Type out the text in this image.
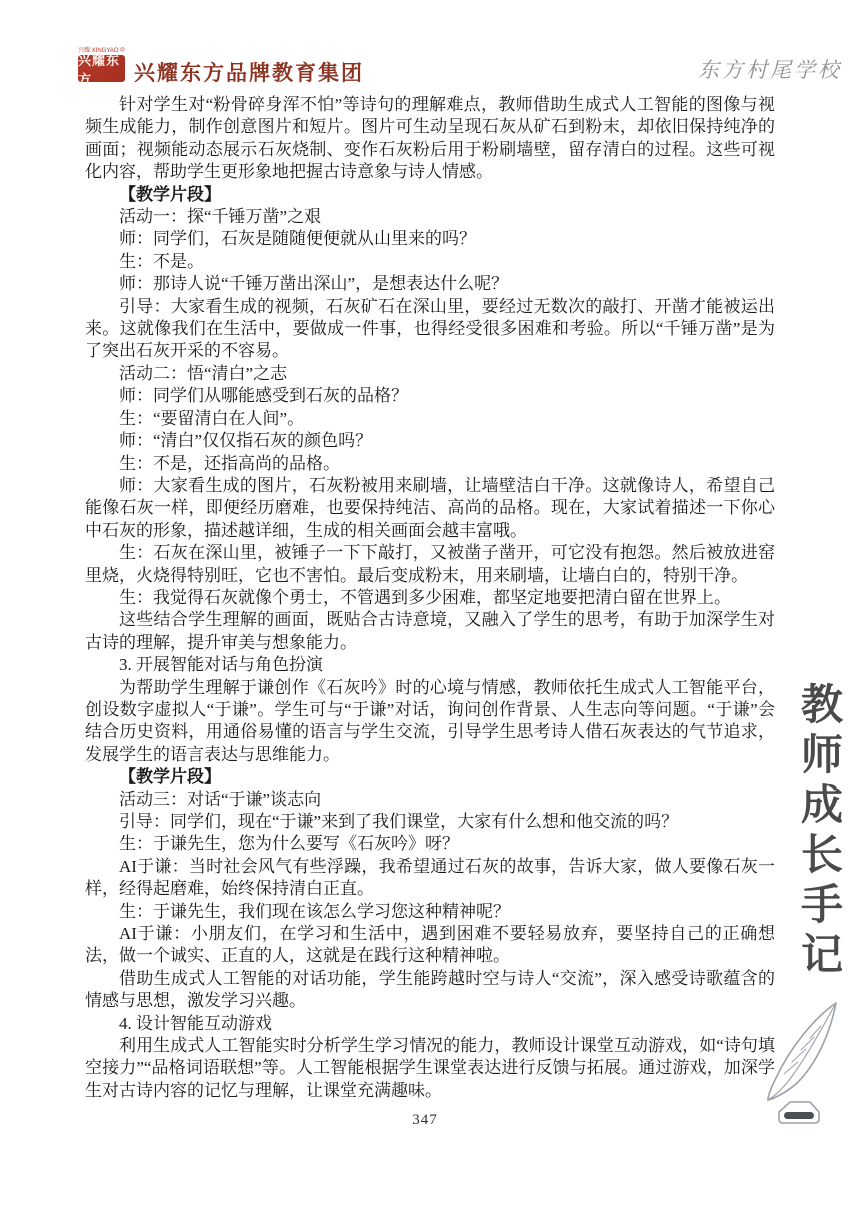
兴耀 XINGYAO ®
兴耀东方	兴耀东方品牌教育集团	东方村尾学校

针对学生对“粉骨碎身浑不怕”等诗句的理解难点，教师借助生成式人工智能的图像与视频生成能力，制作创意图片和短片。图片可生动呈现石灰从矿石到粉末，却依旧保持纯净的画面；视频能动态展示石灰烧制、变作石灰粉后用于粉刷墙壁，留存清白的过程。这些可视化内容，帮助学生更形象地把握古诗意象与诗人情感。

【教学片段】

活动一：探“千锤万凿”之艰

师：同学们，石灰是随随便便就从山里来的吗？

生：不是。

师：那诗人说“千锤万凿出深山”，是想表达什么呢？

引导：大家看生成的视频，石灰矿石在深山里，要经过无数次的敲打、开凿才能被运出来。这就像我们在生活中，要做成一件事，也得经受很多困难和考验。所以“千锤万凿”是为了突出石灰开采的不容易。

活动二：悟“清白”之志

师：同学们从哪能感受到石灰的品格？

生：“要留清白在人间”。

师：“清白”仅仅指石灰的颜色吗？

生：不是，还指高尚的品格。

师：大家看生成的图片，石灰粉被用来刷墙，让墙壁洁白干净。这就像诗人，希望自己能像石灰一样，即便经历磨难，也要保持纯洁、高尚的品格。现在，大家试着描述一下你心中石灰的形象，描述越详细，生成的相关画面会越丰富哦。

生：石灰在深山里，被锤子一下下敲打，又被凿子凿开，可它没有抱怨。然后被放进窑里烧，火烧得特别旺，它也不害怕。最后变成粉末，用来刷墙，让墙白白的，特别干净。

生：我觉得石灰就像个勇士，不管遇到多少困难，都坚定地要把清白留在世界上。

这些结合学生理解的画面，既贴合古诗意境，又融入了学生的思考，有助于加深学生对古诗的理解，提升审美与想象能力。

3. 开展智能对话与角色扮演

为帮助学生理解于谦创作《石灰吟》时的心境与情感，教师依托生成式人工智能平台，创设数字虚拟人“于谦”。学生可与“于谦”对话，询问创作背景、人生志向等问题。“于谦”会结合历史资料，用通俗易懂的语言与学生交流，引导学生思考诗人借石灰表达的气节追求，发展学生的语言表达与思维能力。

【教学片段】

活动三：对话“于谦”谈志向

引导：同学们，现在“于谦”来到了我们课堂，大家有什么想和他交流的吗？

生：于谦先生，您为什么要写《石灰吟》呀？

AI于谦：当时社会风气有些浮躁，我希望通过石灰的故事，告诉大家，做人要像石灰一样，经得起磨难，始终保持清白正直。

生：于谦先生，我们现在该怎么学习您这种精神呢？

AI于谦：小朋友们，在学习和生活中，遇到困难不要轻易放弃，要坚持自己的正确想法，做一个诚实、正直的人，这就是在践行这种精神啦。

借助生成式人工智能的对话功能，学生能跨越时空与诗人“交流”，深入感受诗歌蕴含的情感与思想，激发学习兴趣。

4. 设计智能互动游戏

利用生成式人工智能实时分析学生学习情况的能力，教师设计课堂互动游戏，如“诗句填空接力”“品格词语联想”等。人工智能根据学生课堂表达进行反馈与拓展。通过游戏，加深学生对古诗内容的记忆与理解，让课堂充满趣味。

教师成长手记
347
